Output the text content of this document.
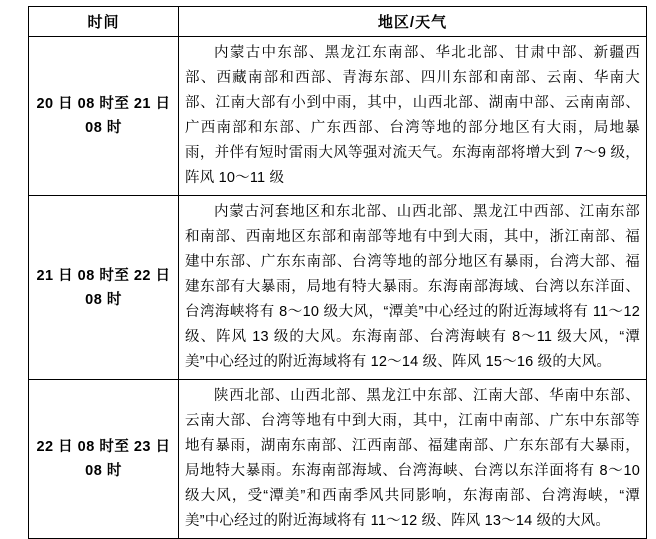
时间	地区/天气
20 日 08 时至 21 日 08 时	内蒙古中东部、黑龙江东南部、华北北部、甘肃中部、新疆西部、西藏南部和西部、青海东部、四川东部和南部、云南、华南大部、江南大部有小到中雨，其中，山西北部、湖南中部、云南南部、广西南部和东部、广东西部、台湾等地的部分地区有大雨，局地暴雨，并伴有短时雷雨大风等强对流天气。东海南部将增大到 7～9 级，阵风 10～11 级

21 日 08 时至 22 日 08 时	内蒙古河套地区和东北部、山西北部、黑龙江中西部、江南东部和南部、西南地区东部和南部等地有中到大雨，其中，浙江南部、福建中东部、广东东南部、台湾等地的部分地区有暴雨，台湾大部、福建东部有大暴雨，局地有特大暴雨。东海南部海域、台湾以东洋面、台湾海峡将有 8～10 级大风，“潭美”中心经过的附近海域将有 11～12 级、阵风 13 级的大风。东海南部、台湾海峡有 8～11 级大风，“潭美”中心经过的附近海域将有 12～14 级、阵风 15～16 级的大风。

22 日 08 时至 23 日 08 时	陕西北部、山西北部、黑龙江中东部、江南大部、华南中东部、云南大部、台湾等地有中到大雨，其中，江南中南部、广东中东部等地有暴雨，湖南东南部、江西南部、福建南部、广东东部有大暴雨，局地特大暴雨。东海南部海域、台湾海峡、台湾以东洋面将有 8～10 级大风，受“潭美”和西南季风共同影响，东海南部、台湾海峡，“潭美”中心经过的附近海域将有 11～12 级、阵风 13～14 级的大风。
